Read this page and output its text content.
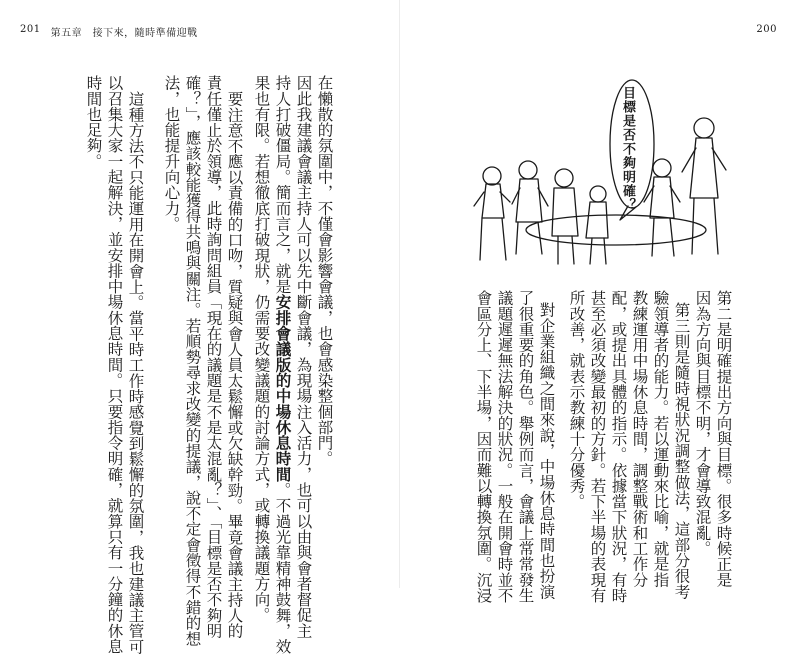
201 第五章　接下來，隨時準備迎戰	200
在懶散的氛圍中，不僅會影響會議，也會感染整個部門。
因此我建議會議主持人可以先中斷會議，為現場注入活力，也可以由與會者督促主
持人打破僵局。簡而言之，就是安排會議版的中場休息時間。不過光靠精神鼓舞，效
果也有限。若想徹底打破現狀，仍需要改變議題的討論方式，或轉換議題方向。
要注意不應以責備的口吻，質疑與會人員太鬆懈或欠缺幹勁。畢竟會議主持人的
責任僅止於領導，此時詢問組員「現在的議題是不是太混亂？」、「目標是否不夠明
確？」，應該較能獲得共鳴與關注。若順勢尋求改變的提議，說不定會徵得不錯的想
法，也能提升向心力。
這種方法不只能運用在開會上。當平時工作時感覺到鬆懈的氛圍，我也建議主管可
以召集大家一起解決，並安排中場休息時間。只要指令明確，就算只有一分鐘的休息
時間也足夠。	目標是否不夠明確？
第二是明確提出方向與目標。很多時候正是
因為方向與目標不明，才會導致混亂。
第三則是隨時視狀況調整做法，這部分很考
驗領導者的能力。若以運動來比喻，就是指
教練運用中場休息時間，調整戰術和工作分
配，或提出具體的指示。依據當下狀況，有時
甚至必須改變最初的方針。若下半場的表現有
所改善，就表示教練十分優秀。
對企業組織之間來說，中場休息時間也扮演
了很重要的角色。舉例而言，會議上常常發生
議題遲遲無法解決的狀況。一般在開會時並不
會區分上、下半場，因而難以轉換氛圍。沉浸
